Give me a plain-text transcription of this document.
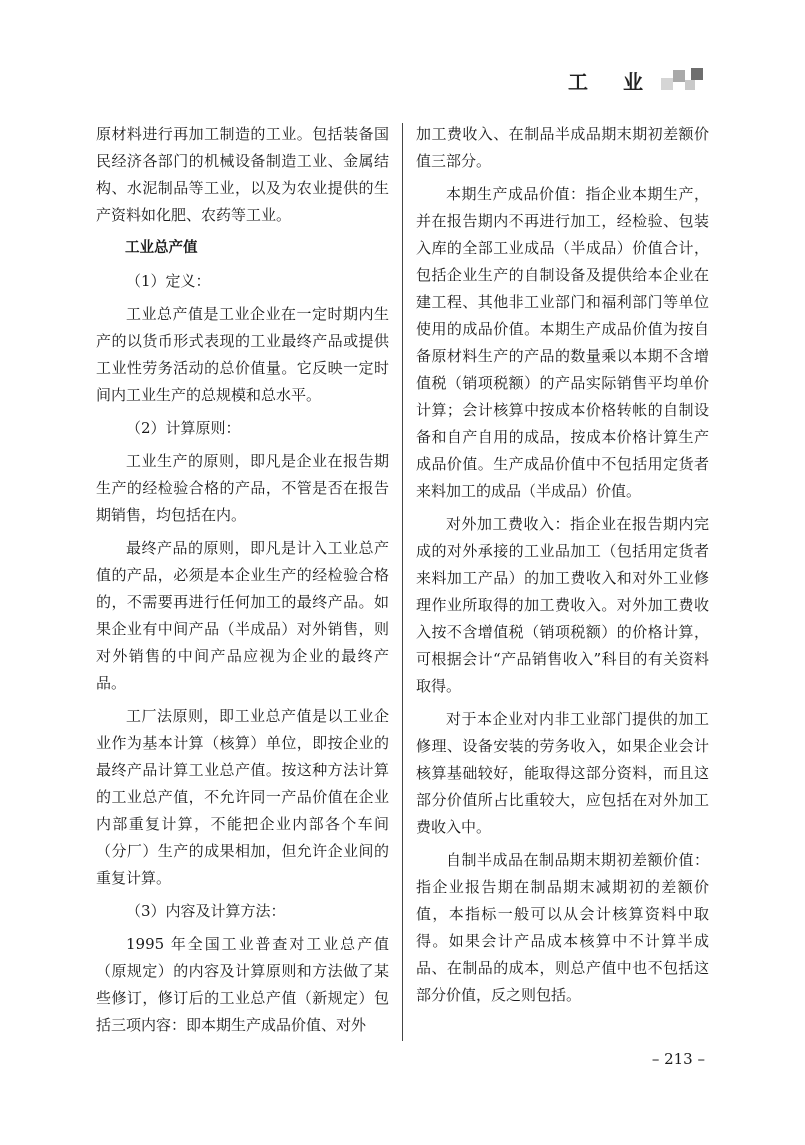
工 业

原材料进行再加工制造的工业。包括装备国民经济各部门的机械设备制造工业、金属结构、水泥制品等工业，以及为农业提供的生产资料如化肥、农药等工业。

工业总产值

（1）定义：

工业总产值是工业企业在一定时期内生产的以货币形式表现的工业最终产品或提供工业性劳务活动的总价值量。它反映一定时间内工业生产的总规模和总水平。

（2）计算原则：

工业生产的原则，即凡是企业在报告期生产的经检验合格的产品，不管是否在报告期销售，均包括在内。

最终产品的原则，即凡是计入工业总产值的产品，必须是本企业生产的经检验合格的，不需要再进行任何加工的最终产品。如果企业有中间产品（半成品）对外销售，则对外销售的中间产品应视为企业的最终产品。

工厂法原则，即工业总产值是以工业企业作为基本计算（核算）单位，即按企业的最终产品计算工业总产值。按这种方法计算的工业总产值，不允许同一产品价值在企业内部重复计算，不能把企业内部各个车间（分厂）生产的成果相加，但允许企业间的重复计算。

（3）内容及计算方法：

1995 年全国工业普查对工业总产值（原规定）的内容及计算原则和方法做了某些修订，修订后的工业总产值（新规定）包括三项内容：即本期生产成品价值、对外

加工费收入、在制品半成品期末期初差额价值三部分。

本期生产成品价值：指企业本期生产，并在报告期内不再进行加工，经检验、包装入库的全部工业成品（半成品）价值合计，包括企业生产的自制设备及提供给本企业在建工程、其他非工业部门和福利部门等单位使用的成品价值。本期生产成品价值为按自备原材料生产的产品的数量乘以本期不含增值税（销项税额）的产品实际销售平均单价计算；会计核算中按成本价格转帐的自制设备和自产自用的成品，按成本价格计算生产成品价值。生产成品价值中不包括用定货者来料加工的成品（半成品）价值。

对外加工费收入：指企业在报告期内完成的对外承接的工业品加工（包括用定货者来料加工产品）的加工费收入和对外工业修理作业所取得的加工费收入。对外加工费收入按不含增值税（销项税额）的价格计算，可根据会计“产品销售收入”科目的有关资料取得。

对于本企业对内非工业部门提供的加工修理、设备安装的劳务收入，如果企业会计核算基础较好，能取得这部分资料，而且这部分价值所占比重较大，应包括在对外加工费收入中。

自制半成品在制品期末期初差额价值：指企业报告期在制品期末减期初的差额价值，本指标一般可以从会计核算资料中取得。如果会计产品成本核算中不计算半成品、在制品的成本，则总产值中也不包括这部分价值，反之则包括。

– 213 –
